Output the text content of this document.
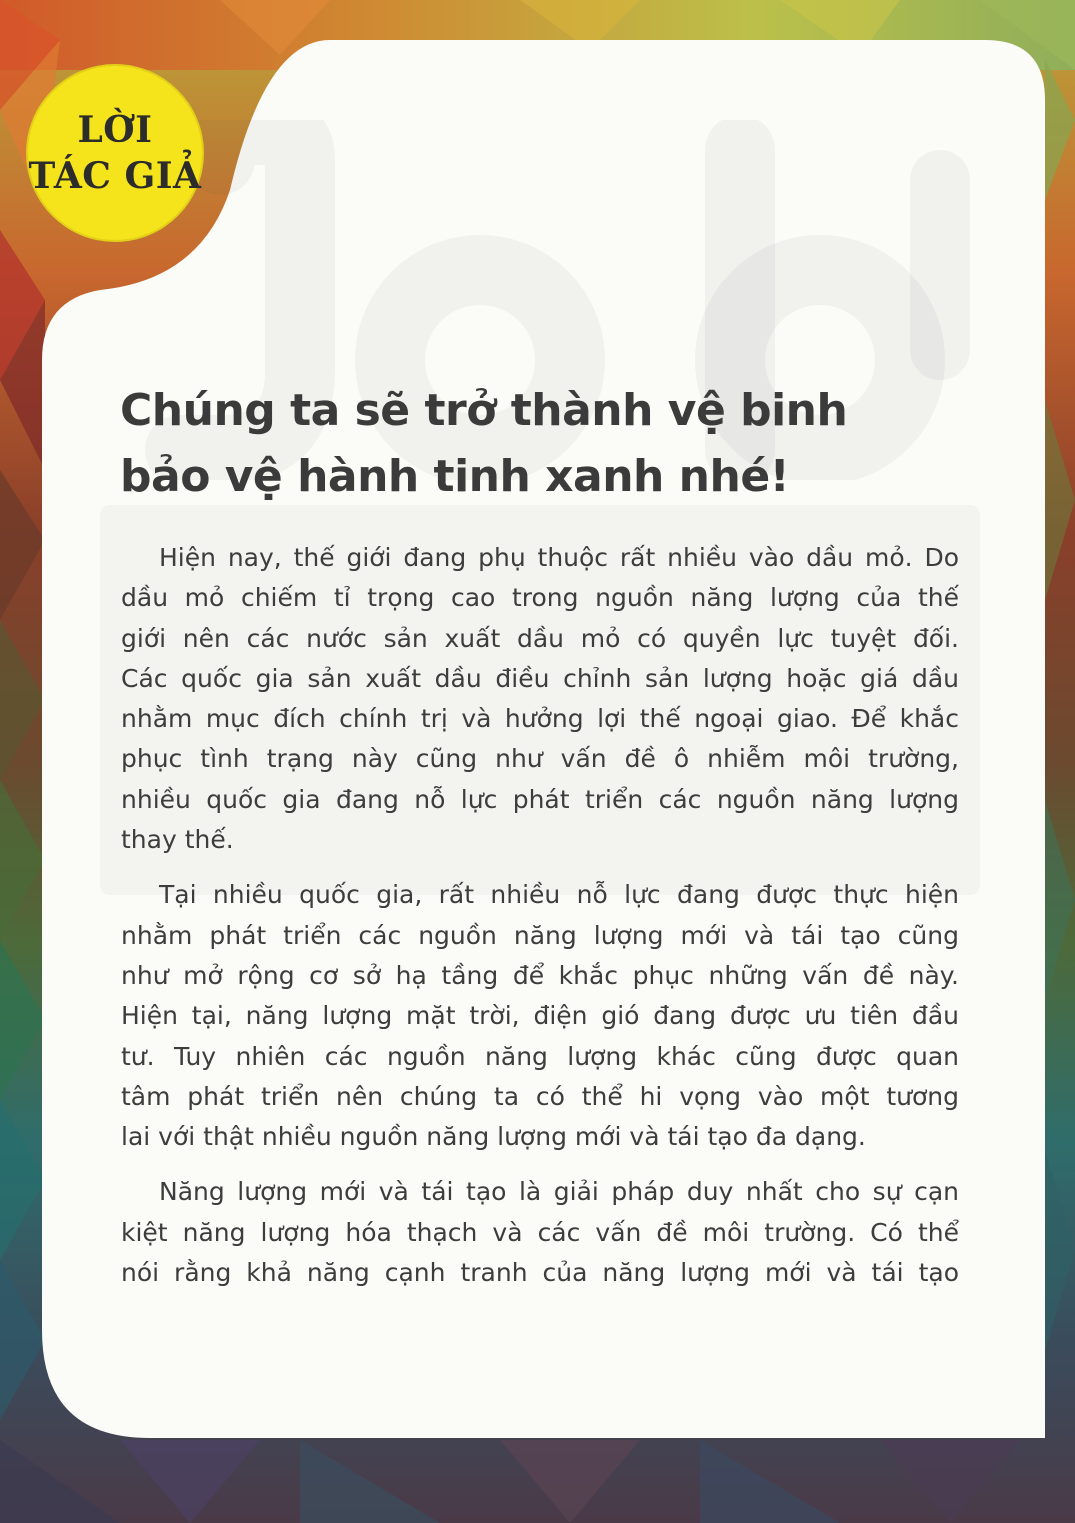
LỜI
TÁC GIẢ
Chúng ta sẽ trở thành vệ binh
bảo vệ hành tinh xanh nhé!

Hiện nay, thế giới đang phụ thuộc rất nhiều vào dầu mỏ. Do
dầu mỏ chiếm tỉ trọng cao trong nguồn năng lượng của thế
giới nên các nước sản xuất dầu mỏ có quyền lực tuyệt đối.
Các quốc gia sản xuất dầu điều chỉnh sản lượng hoặc giá dầu
nhằm mục đích chính trị và hưởng lợi thế ngoại giao. Để khắc
phục tình trạng này cũng như vấn đề ô nhiễm môi trường,
nhiều quốc gia đang nỗ lực phát triển các nguồn năng lượng
thay thế.

Tại nhiều quốc gia, rất nhiều nỗ lực đang được thực hiện
nhằm phát triển các nguồn năng lượng mới và tái tạo cũng
như mở rộng cơ sở hạ tầng để khắc phục những vấn đề này.
Hiện tại, năng lượng mặt trời, điện gió đang được ưu tiên đầu
tư. Tuy nhiên các nguồn năng lượng khác cũng được quan
tâm phát triển nên chúng ta có thể hi vọng vào một tương
lai với thật nhiều nguồn năng lượng mới và tái tạo đa dạng.

Năng lượng mới và tái tạo là giải pháp duy nhất cho sự cạn
kiệt năng lượng hóa thạch và các vấn đề môi trường. Có thể
nói rằng khả năng cạnh tranh của năng lượng mới và tái tạo
